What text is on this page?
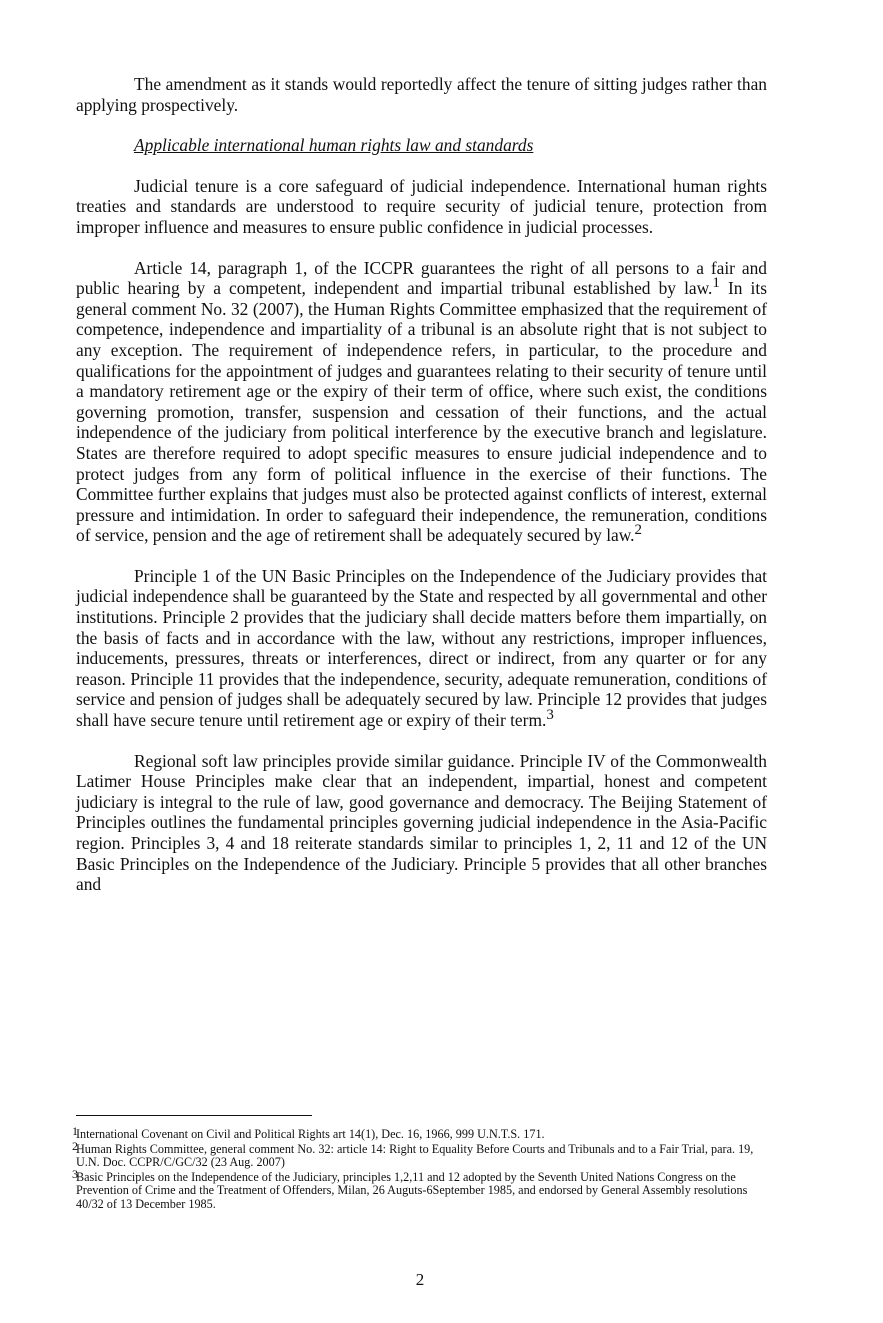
The amendment as it stands would reportedly affect the tenure of sitting judges rather than applying prospectively.

Applicable international human rights law and standards

Judicial tenure is a core safeguard of judicial independence. International human rights treaties and standards are understood to require security of judicial tenure, protection from improper influence and measures to ensure public confidence in judicial processes.

Article 14, paragraph 1, of the ICCPR guarantees the right of all persons to a fair and public hearing by a competent, independent and impartial tribunal established by law.$^1$ In its general comment No. 32 (2007), the Human Rights Committee emphasized that the requirement of competence, independence and impartiality of a tribunal is an absolute right that is not subject to any exception. The requirement of independence refers, in particular, to the procedure and qualifications for the appointment of judges and guarantees relating to their security of tenure until a mandatory retirement age or the expiry of their term of office, where such exist, the conditions governing promotion, transfer, suspension and cessation of their functions, and the actual independence of the judiciary from political interference by the executive branch and legislature. States are therefore required to adopt specific measures to ensure judicial independence and to protect judges from any form of political influence in the exercise of their functions. The Committee further explains that judges must also be protected against conflicts of interest, external pressure and intimidation. In order to safeguard their independence, the remuneration, conditions of service, pension and the age of retirement shall be adequately secured by law.$^2$

Principle 1 of the UN Basic Principles on the Independence of the Judiciary provides that judicial independence shall be guaranteed by the State and respected by all governmental and other institutions. Principle 2 provides that the judiciary shall decide matters before them impartially, on the basis of facts and in accordance with the law, without any restrictions, improper influences, inducements, pressures, threats or interferences, direct or indirect, from any quarter or for any reason. Principle 11 provides that the independence, security, adequate remuneration, conditions of service and pension of judges shall be adequately secured by law. Principle 12 provides that judges shall have secure tenure until retirement age or expiry of their term.$^3$

Regional soft law principles provide similar guidance. Principle IV of the Commonwealth Latimer House Principles make clear that an independent, impartial, honest and competent judiciary is integral to the rule of law, good governance and democracy. The Beijing Statement of Principles outlines the fundamental principles governing judicial independence in the Asia-Pacific region. Principles 3, 4 and 18 reiterate standards similar to principles 1, 2, 11 and 12 of the UN Basic Principles on the Independence of the Judiciary. Principle 5 provides that all other branches and

1
International Covenant on Civil and Political Rights art 14(1), Dec. 16, 1966, 999 U.N.T.S. 171.
2
Human Rights Committee, general comment No. 32: article 14: Right to Equality Before Courts and Tribunals and to a Fair Trial, para. 19, U.N. Doc. CCPR/C/GC/32 (23 Aug. 2007)
3
Basic Principles on the Independence of the Judiciary, principles 1,2,11 and 12 adopted by the Seventh United Nations Congress on the Prevention of Crime and the Treatment of Offenders, Milan, 26 Auguts-6September 1985, and endorsed by General Assembly resolutions 40/32 of 13 December 1985.
2
